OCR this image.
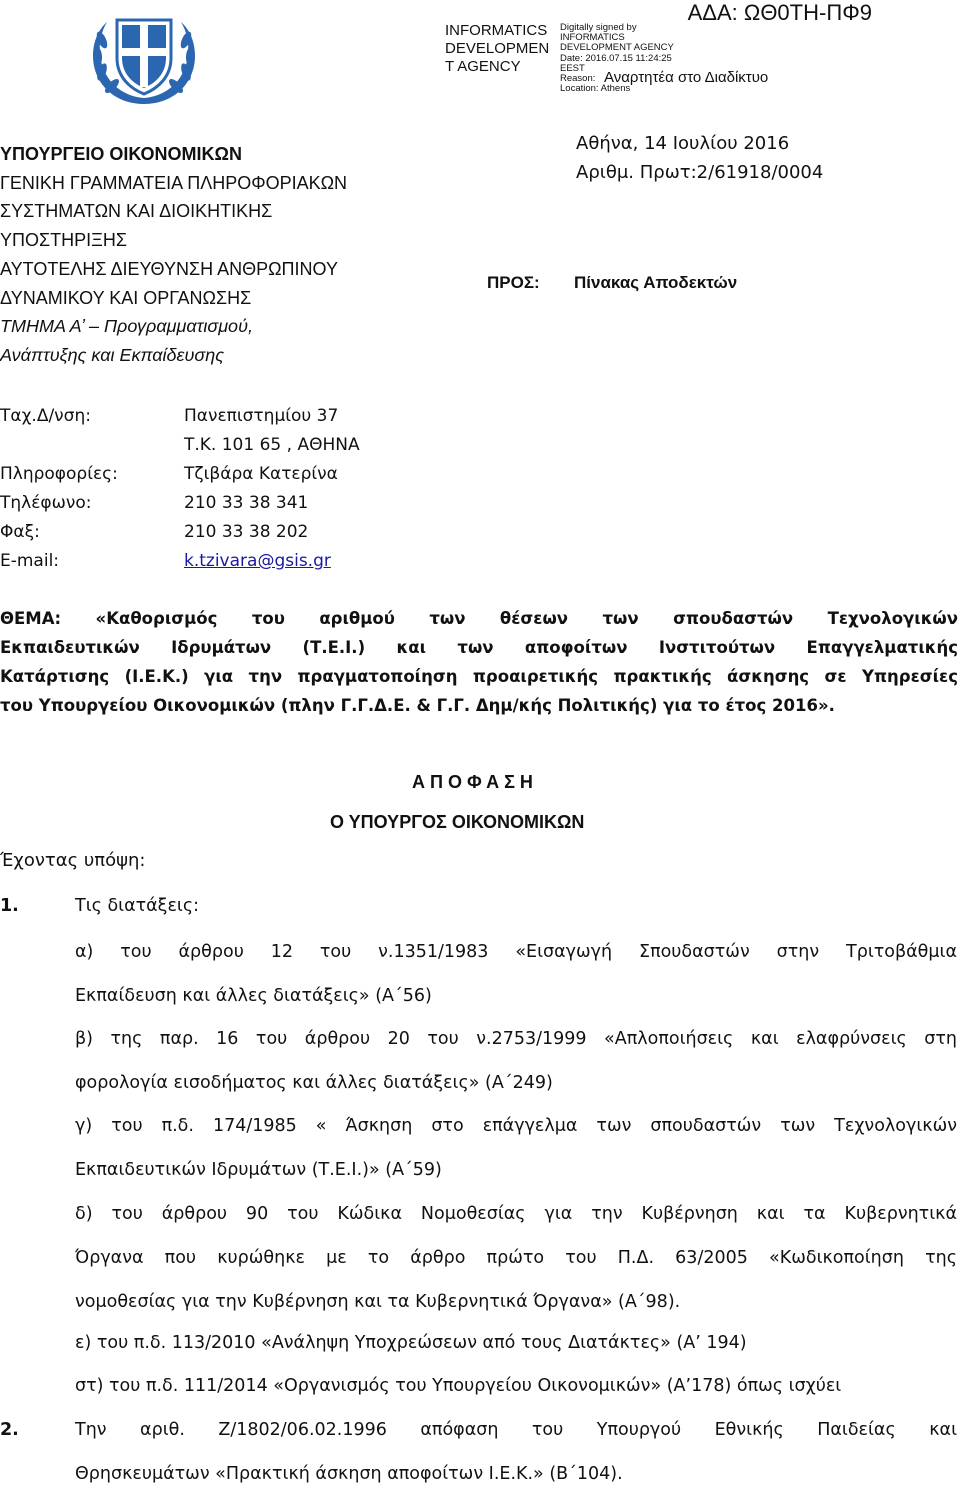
ΑΔΑ: ΩΘ0ΤΗ-ΠΦ9
INFORMATICS
DEVELOPMEN
T AGENCY
Digitally signed by
INFORMATICS
DEVELOPMENT AGENCY
Date: 2016.07.15 11:24:25
EEST
Reason:
Location: Athens
Αναρτητέα στο Διαδίκτυο
ΥΠΟΥΡΓΕΙΟ ΟΙΚΟΝΟΜΙΚΩΝ
ΓΕΝΙΚΗ ΓΡΑΜΜΑΤΕΙΑ ΠΛΗΡΟΦΟΡΙΑΚΩΝ
ΣΥΣΤΗΜΑΤΩΝ ΚΑΙ ΔΙΟΙΚΗΤΙΚΗΣ
ΥΠΟΣΤΗΡΙΞΗΣ
ΑΥΤΟΤΕΛΗΣ ΔΙΕΥΘΥΝΣΗ ΑΝΘΡΩΠΙΝΟΥ
ΔΥΝΑΜΙΚΟΥ ΚΑΙ ΟΡΓΑΝΩΣΗΣ
ΤΜΗΜΑ Α’ – Προγραμματισμού,
Ανάπτυξης και Εκπαίδευσης
Αθήνα, 14 Ιουλίου 2016
Αριθμ. Πρωτ:2/61918/0004
ΠΡΟΣ: Πίνακας Αποδεκτών
Ταχ.Δ/νση:	Πανεπιστημίου 37
Τ.Κ. 101 65 , ΑΘΗΝΑ
Πληροφορίες:	Τζιβάρα Κατερίνα
Τηλέφωνο:	210 33 38 341
Φαξ:	210 33 38 202
E-mail:	k.tzivara@gsis.gr
ΘΕΜΑ: «Καθορισμός του αριθμού των θέσεων των σπουδαστών Τεχνολογικών
Εκπαιδευτικών Ιδρυμάτων (Τ.Ε.Ι.) και των αποφοίτων Ινστιτούτων Επαγγελματικής
Κατάρτισης (Ι.Ε.Κ.) για την πραγματοποίηση προαιρετικής πρακτικής άσκησης σε Υπηρεσίες
του Υπουργείου Οικονομικών (πλην Γ.Γ.Δ.Ε. & Γ.Γ. Δημ/κής Πολιτικής) για το έτος 2016».
Α Π Ο Φ Α Σ Η
Ο ΥΠΟΥΡΓΟΣ ΟΙΚΟΝΟΜΙΚΩΝ
Έχοντας υπόψη:
1.	Τις διατάξεις:
α) του άρθρου 12 του ν.1351/1983 «Εισαγωγή Σπουδαστών στην Τριτοβάθμια
Εκπαίδευση και άλλες διατάξεις» (Α΄56)
β) της παρ. 16 του άρθρου 20 του ν.2753/1999 «Απλοποιήσεις και ελαφρύνσεις στη
φορολογία εισοδήματος και άλλες διατάξεις» (Α΄249)
γ) του π.δ. 174/1985 « Άσκηση στο επάγγελμα των σπουδαστών των Τεχνολογικών
Εκπαιδευτικών Ιδρυμάτων (Τ.Ε.Ι.)» (Α΄59)
δ) του άρθρου 90 του Κώδικα Νομοθεσίας για την Κυβέρνηση και τα Κυβερνητικά
Όργανα που κυρώθηκε με το άρθρο πρώτο του Π.Δ. 63/2005 «Κωδικοποίηση της
νομοθεσίας για την Κυβέρνηση και τα Κυβερνητικά Όργανα» (Α΄98).
ε) του π.δ. 113/2010 «Ανάληψη Υποχρεώσεων από τους Διατάκτες» (Α’ 194)
στ) του π.δ. 111/2014 «Οργανισμός του Υπουργείου Οικονομικών» (Α’178) όπως ισχύει
2.	Την αριθ. Ζ/1802/06.02.1996 απόφαση του Υπουργού Εθνικής Παιδείας και
Θρησκευμάτων «Πρακτική άσκηση αποφοίτων Ι.Ε.Κ.» (Β΄104).
